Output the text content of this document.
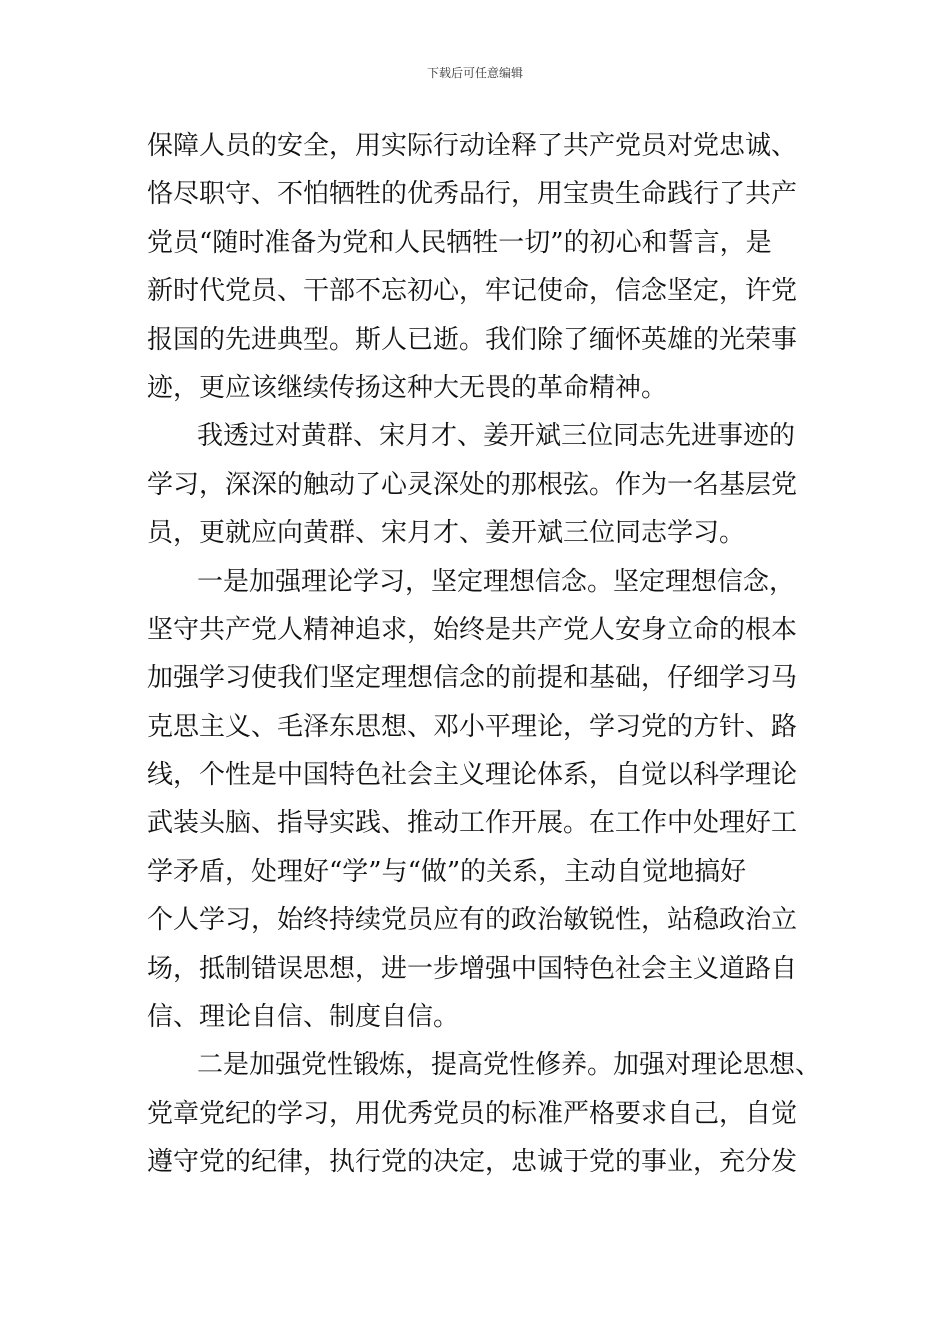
下载后可任意编辑
保障人员的安全，用实际行动诠释了共产党员对党忠诚、
恪尽职守、不怕牺牲的优秀品行，用宝贵生命践行了共产
党员“随时准备为党和人民牺牲一切”的初心和誓言，是
新时代党员、干部不忘初心，牢记使命，信念坚定，许党
报国的先进典型。斯人已逝。我们除了缅怀英雄的光荣事
迹，更应该继续传扬这种大无畏的革命精神。
我透过对黄群、宋月才、姜开斌三位同志先进事迹的
学习，深深的触动了心灵深处的那根弦。作为一名基层党
员，更就应向黄群、宋月才、姜开斌三位同志学习。
一是加强理论学习，坚定理想信念。坚定理想信念，
坚守共产党人精神追求，始终是共产党人安身立命的根本
加强学习使我们坚定理想信念的前提和基础，仔细学习马
克思主义、毛泽东思想、邓小平理论，学习党的方针、路
线，个性是中国特色社会主义理论体系，自觉以科学理论
武装头脑、指导实践、推动工作开展。在工作中处理好工
学矛盾，处理好“学”与“做”的关系，主动自觉地搞好
个人学习，始终持续党员应有的政治敏锐性，站稳政治立
场，抵制错误思想，进一步增强中国特色社会主义道路自
信、理论自信、制度自信。
二是加强党性锻炼，提高党性修养。加强对理论思想、
党章党纪的学习，用优秀党员的标准严格要求自己，自觉
遵守党的纪律，执行党的决定，忠诚于党的事业，充分发
